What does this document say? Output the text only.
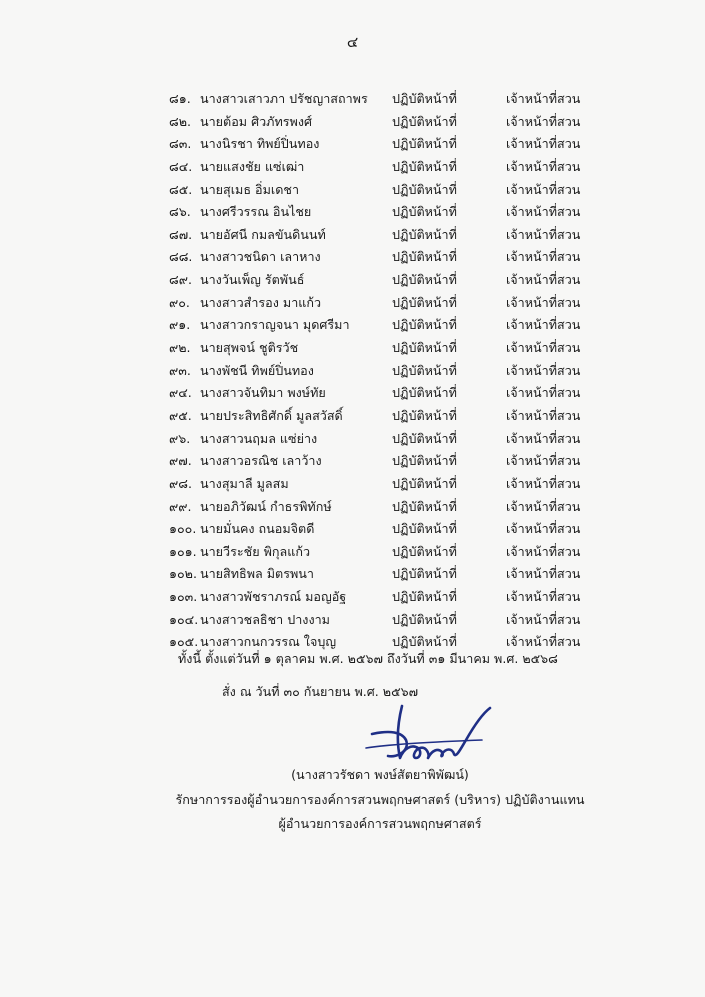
๔
๘๑. นางสาวเสาวภา ปรัชญาสถาพร ปฏิบัติหน้าที่	เจ้าหน้าที่สวน
๘๒. นายต้อม ศิวภัทรพงศ์	ปฏิบัติหน้าที่	เจ้าหน้าที่สวน
๘๓. นางนิรชา ทิพย์ปิ่นทอง	ปฏิบัติหน้าที่	เจ้าหน้าที่สวน
๘๔. นายแสงชัย แซ่เฒ่า	ปฏิบัติหน้าที่	เจ้าหน้าที่สวน
๘๕. นายสุเมธ อิ่มเดชา	ปฏิบัติหน้าที่	เจ้าหน้าที่สวน
๘๖. นางศรีวรรณ อินไชย	ปฏิบัติหน้าที่	เจ้าหน้าที่สวน
๘๗. นายอัศนี กมลขันดินนท์	ปฏิบัติหน้าที่	เจ้าหน้าที่สวน
๘๘. นางสาวชนิดา เลาหาง	ปฏิบัติหน้าที่	เจ้าหน้าที่สวน
๘๙. นางวันเพ็ญ รัตพันธ์	ปฏิบัติหน้าที่	เจ้าหน้าที่สวน
๙๐. นางสาวสำรอง มาแก้ว	ปฏิบัติหน้าที่	เจ้าหน้าที่สวน
๙๑. นางสาวกราญจนา มุดศรีมา	ปฏิบัติหน้าที่	เจ้าหน้าที่สวน
๙๒. นายสุพจน์ ชูติรวัช	ปฏิบัติหน้าที่	เจ้าหน้าที่สวน
๙๓. นางพัชนี ทิพย์ปิ่นทอง	ปฏิบัติหน้าที่	เจ้าหน้าที่สวน
๙๔. นางสาวจันทิมา พงษ์ทัย	ปฏิบัติหน้าที่	เจ้าหน้าที่สวน
๙๕. นายประสิทธิศักดิ์ มูลสวัสดิ์	ปฏิบัติหน้าที่	เจ้าหน้าที่สวน
๙๖. นางสาวนฤมล แซ่ย่าง	ปฏิบัติหน้าที่	เจ้าหน้าที่สวน
๙๗. นางสาวอรณิช เลาว้าง	ปฏิบัติหน้าที่	เจ้าหน้าที่สวน
๙๘. นางสุมาลี มูลสม	ปฏิบัติหน้าที่	เจ้าหน้าที่สวน
๙๙. นายอภิวัฒน์ กำธรพิทักษ์	ปฏิบัติหน้าที่	เจ้าหน้าที่สวน
๑๐๐. นายมั่นคง ถนอมจิตดี	ปฏิบัติหน้าที่	เจ้าหน้าที่สวน
๑๐๑. นายวีระชัย พิกุลแก้ว	ปฏิบัติหน้าที่	เจ้าหน้าที่สวน
๑๐๒. นายสิทธิพล มิตรพนา	ปฏิบัติหน้าที่	เจ้าหน้าที่สวน
๑๐๓. นางสาวพัชราภรณ์ มอญอัฐ	ปฏิบัติหน้าที่	เจ้าหน้าที่สวน
๑๐๔. นางสาวชลธิชา ปางงาม	ปฏิบัติหน้าที่	เจ้าหน้าที่สวน
๑๐๕. นางสาวกนกวรรณ ใจบุญ	ปฏิบัติหน้าที่	เจ้าหน้าที่สวน
ทั้งนี้ ตั้งแต่วันที่ ๑ ตุลาคม พ.ศ. ๒๕๖๗ ถึงวันที่ ๓๑ มีนาคม พ.ศ. ๒๕๖๘
สั่ง ณ วันที่ ๓๐ กันยายน พ.ศ. ๒๕๖๗
(นางสาวรัชดา พงษ์สัตยาพิพัฒน์)
รักษาการรองผู้อำนวยการองค์การสวนพฤกษศาสตร์ (บริหาร) ปฏิบัติงานแทน
ผู้อำนวยการองค์การสวนพฤกษศาสตร์
